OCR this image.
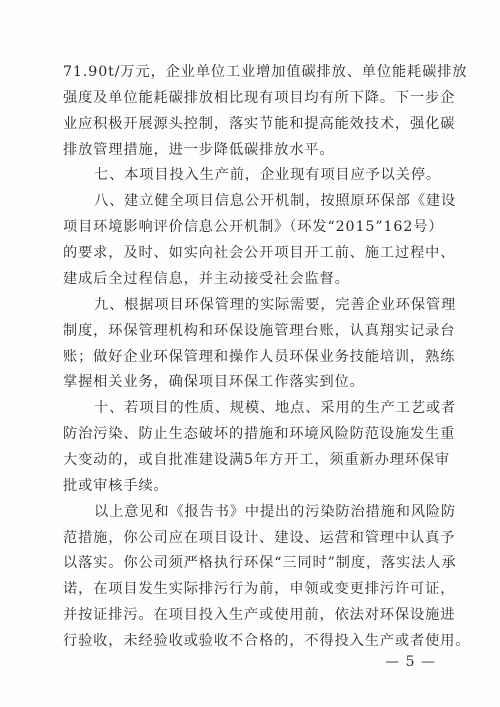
71.90t/万元，企业单位工业增加值碳排放、单位能耗碳排放
强度及单位能耗碳排放相比现有项目均有所下降。下一步企
业应积极开展源头控制，落实节能和提高能效技术，强化碳
排放管理措施，进一步降低碳排放水平。
七、本项目投入生产前，企业现有项目应予以关停。
八、建立健全项目信息公开机制，按照原环保部《建设
项目环境影响评价信息公开机制》（环发“2015”162号）
的要求，及时、如实向社会公开项目开工前、施工过程中、
建成后全过程信息，并主动接受社会监督。
九、根据项目环保管理的实际需要，完善企业环保管理
制度，环保管理机构和环保设施管理台账，认真翔实记录台
账；做好企业环保管理和操作人员环保业务技能培训，熟练
掌握相关业务，确保项目环保工作落实到位。
十、若项目的性质、规模、地点、采用的生产工艺或者
防治污染、防止生态破坏的措施和环境风险防范设施发生重
大变动的，或自批准建设满5年方开工，须重新办理环保审
批或审核手续。
以上意见和《报告书》中提出的污染防治措施和风险防
范措施，你公司应在项目设计、建设、运营和管理中认真予
以落实。你公司须严格执行环保“三同时”制度，落实法人承
诺，在项目发生实际排污行为前，申领或变更排污许可证，
并按证排污。在项目投入生产或使用前，依法对环保设施进
行验收，未经验收或验收不合格的，不得投入生产或者使用。
— 5 —
